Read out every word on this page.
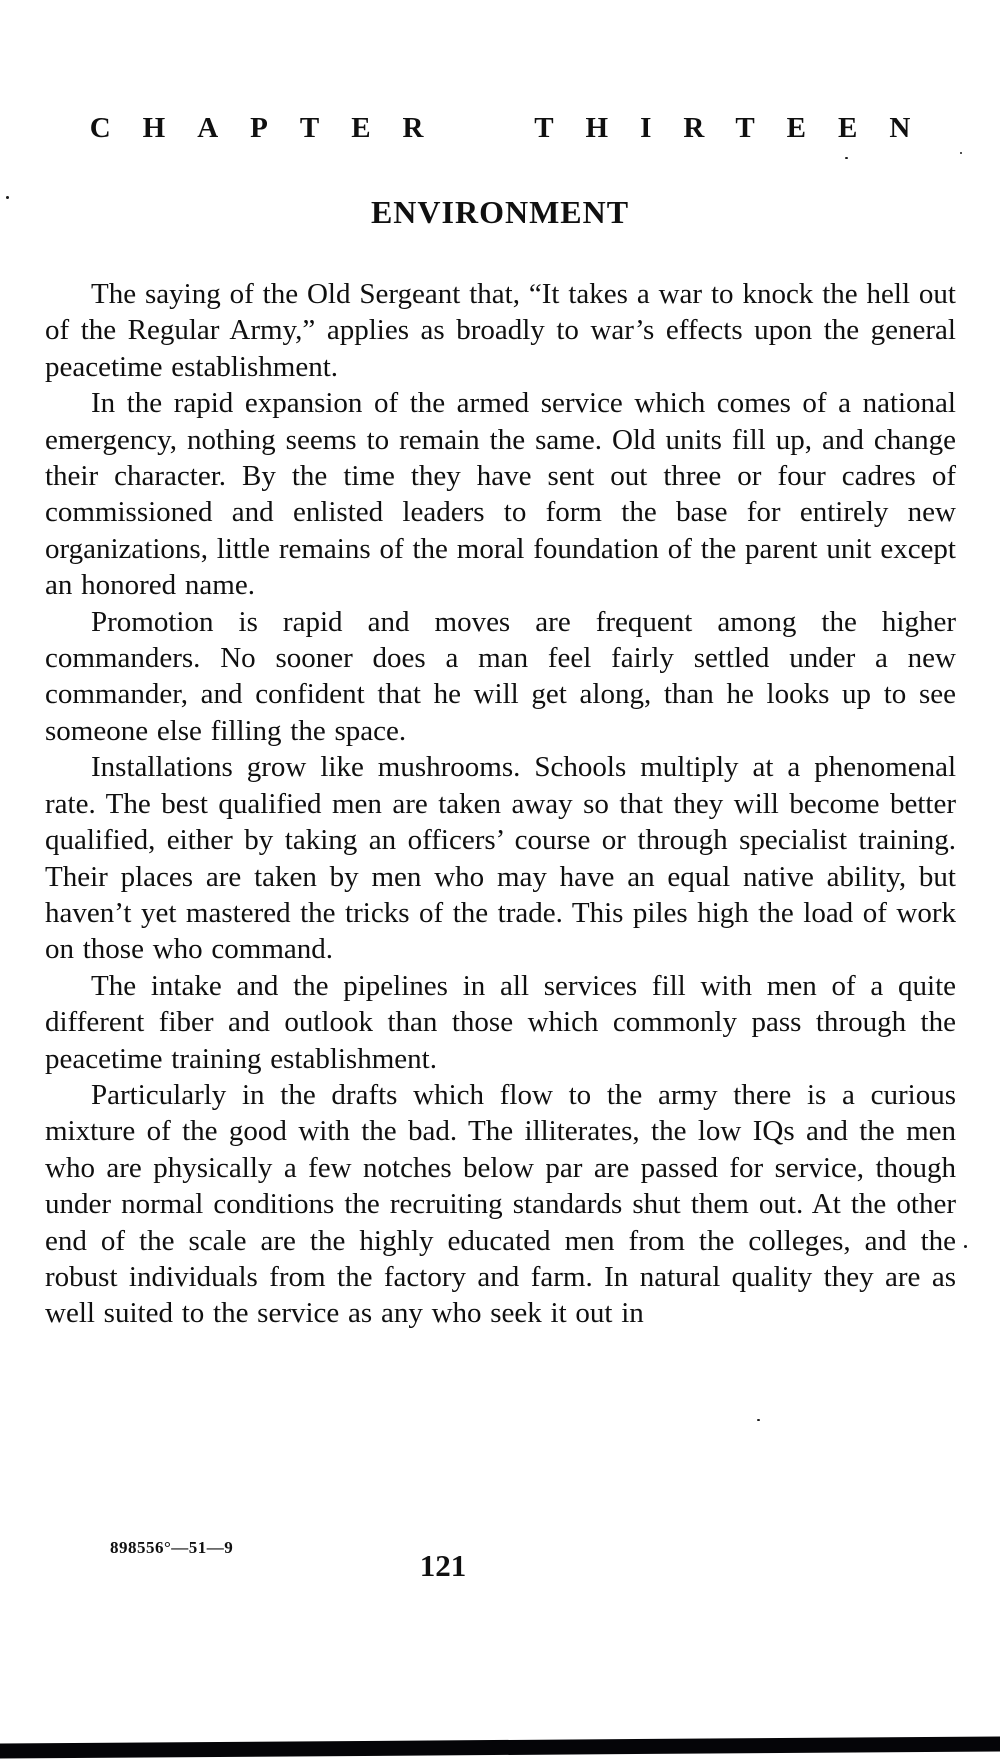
CHAPTER THIRTEEN
ENVIRONMENT

The saying of the Old Sergeant that, “It takes a war to knock the hell out of the Regular Army,” applies as broadly to war’s effects upon the general peacetime establishment.

In the rapid expansion of the armed service which comes of a national emergency, nothing seems to remain the same. Old units fill up, and change their character. By the time they have sent out three or four cadres of commissioned and enlisted leaders to form the base for entirely new organizations, little remains of the moral foundation of the parent unit except an honored name.

Promotion is rapid and moves are frequent among the higher commanders. No sooner does a man feel fairly settled under a new commander, and confident that he will get along, than he looks up to see someone else filling the space.

Installations grow like mushrooms. Schools multiply at a phenomenal rate. The best qualified men are taken away so that they will become better qualified, either by taking an officers’ course or through specialist training. Their places are taken by men who may have an equal native ability, but haven’t yet mastered the tricks of the trade. This piles high the load of work on those who command.

The intake and the pipelines in all services fill with men of a quite different fiber and outlook than those which commonly pass through the peacetime training establishment.

Particularly in the drafts which flow to the army there is a curious mixture of the good with the bad. The illiterates, the low IQs and the men who are physically a few notches below par are passed for service, though under normal conditions the recruiting standards shut them out. At the other end of the scale are the highly educated men from the colleges, and the robust individuals from the factory and farm. In natural quality they are as well suited to the service as any who seek it out in

898556°—51—9
121
